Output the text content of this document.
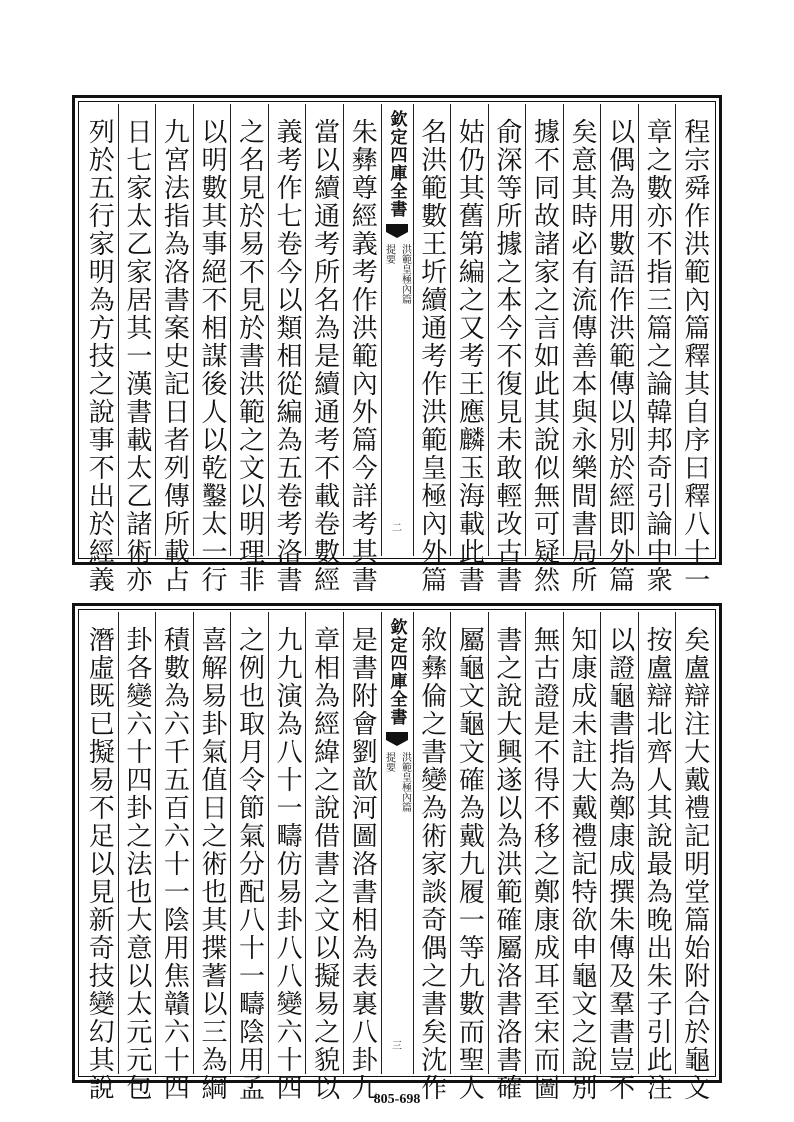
程宗舜作洪範內篇釋其自序曰釋八十一
章之數亦不指三篇之論韓邦奇引論中衆
以偶為用數語作洪範傳以別於經即外篇
矣意其時必有流傳善本與永樂間書局所
據不同故諸家之言如此其說似無可疑然
俞深等所據之本今不復見未敢輕改古書
姑仍其舊第編之又考王應麟玉海載此書
名洪範數王圻續通考作洪範皇極內外篇
欽定四庫全書
洪範皇極內篇
提要
二
朱彝尊經義考作洪範內外篇今詳考其書
當以續通考所名為是續通考不載卷數經
義考作七卷今以類相從編為五卷考洛書
之名見於易不見於書洪範之文以明理非
以明數其事絕不相謀後人以乾鑿太一行
九宮法指為洛書案史記日者列傳所載占
日七家太乙家居其一漢書載太乙諸術亦
列於五行家明為方技之說事不出於經義
矣盧辯注大戴禮記明堂篇始附合於龜文
按盧辯北齊人其說最為晚出朱子引此注
以證龜書指為鄭康成撰朱傳及羣書豈不
知康成未註大戴禮記特欲申龜文之說別
無古證是不得不移之鄭康成耳至宋而圖
書之說大興遂以為洪範確屬洛書洛書確
屬龜文龜文確為戴九履一等九數而聖人
敘彝倫之書變為術家談奇偶之書矣沈作
欽定四庫全書
洪範皇極內篇
提要
三
是書附會劉歆河圖洛書相為表裏八卦九
章相為經緯之說借書之文以擬易之貌以
九九演為八十一疇仿易卦八八變六十四
之例也取月令節氣分配八十一疇陰用孟
喜解易卦氣值日之術也其揲蓍以三為綱
積數為六千五百六十一陰用焦贛六十四
卦各變六十四卦之法也大意以太元元包
潛虛既已擬易不足以見新奇技變幻其說	805-698
